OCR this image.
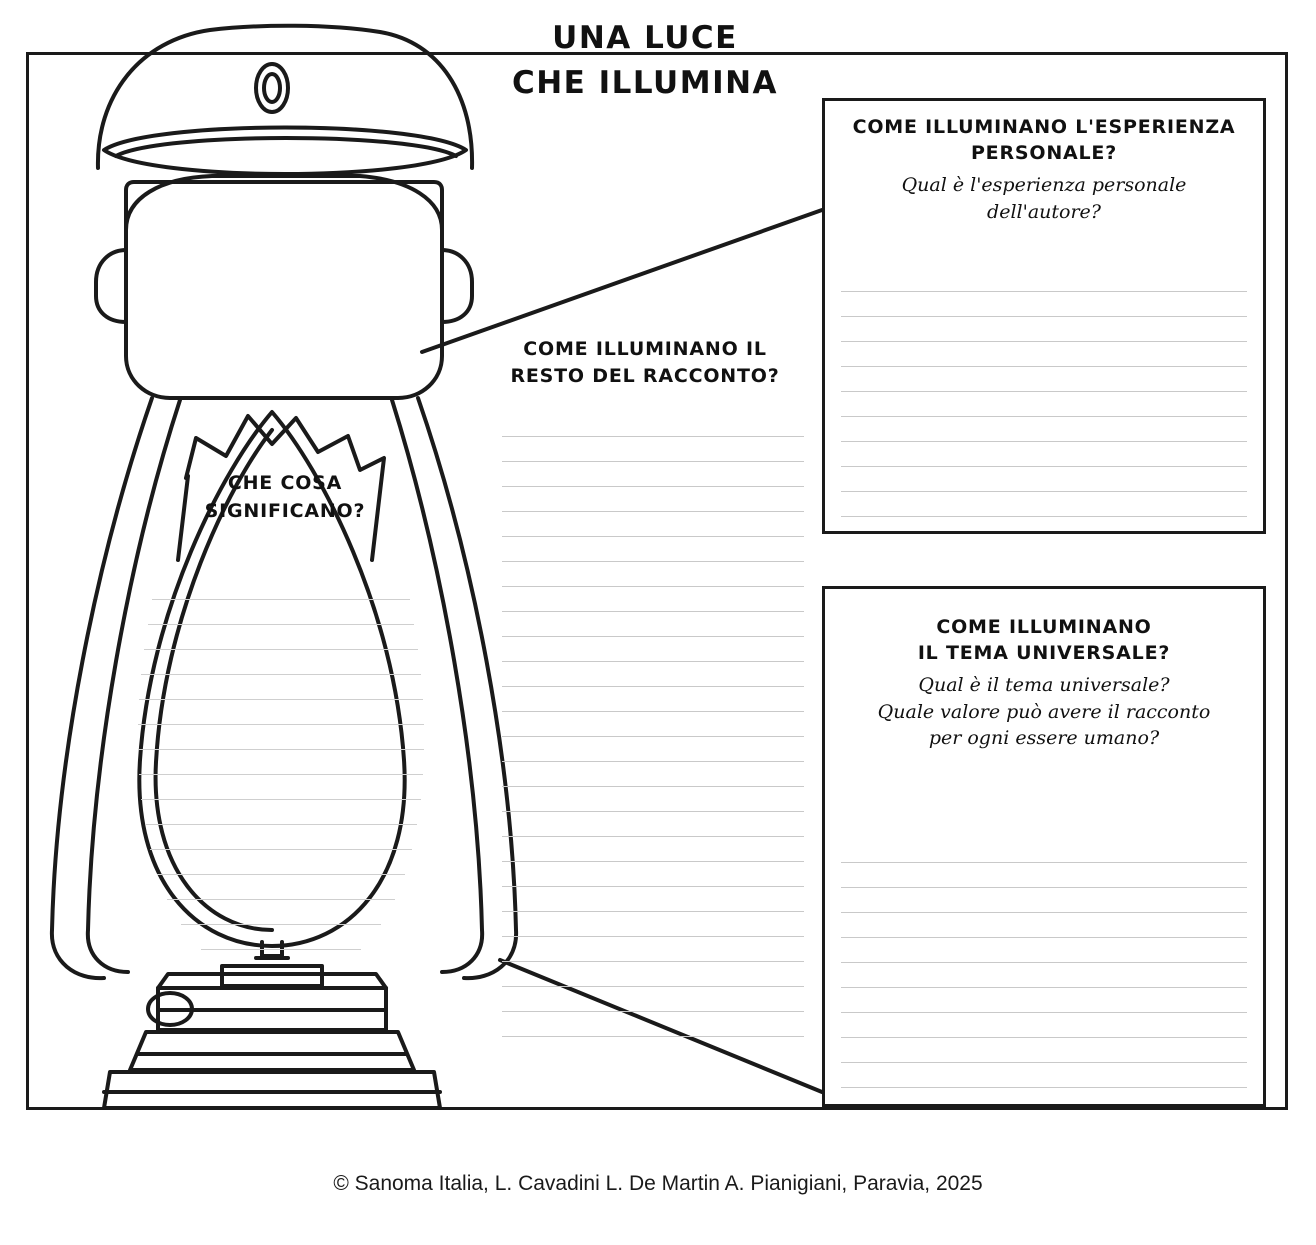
UNA LUCE
CHE ILLUMINA
CHE COSA
SIGNIFICANO?
COME ILLUMINANO IL
RESTO DEL RACCONTO?
COME ILLUMINANO L'ESPERIENZA
PERSONALE?
Qual è l'esperienza personale
dell'autore?
COME ILLUMINANO
IL TEMA UNIVERSALE?
Qual è il tema universale?
Quale valore può avere il racconto
per ogni essere umano?
© Sanoma Italia, L. Cavadini L. De Martin A. Pianigiani, Paravia, 2025
